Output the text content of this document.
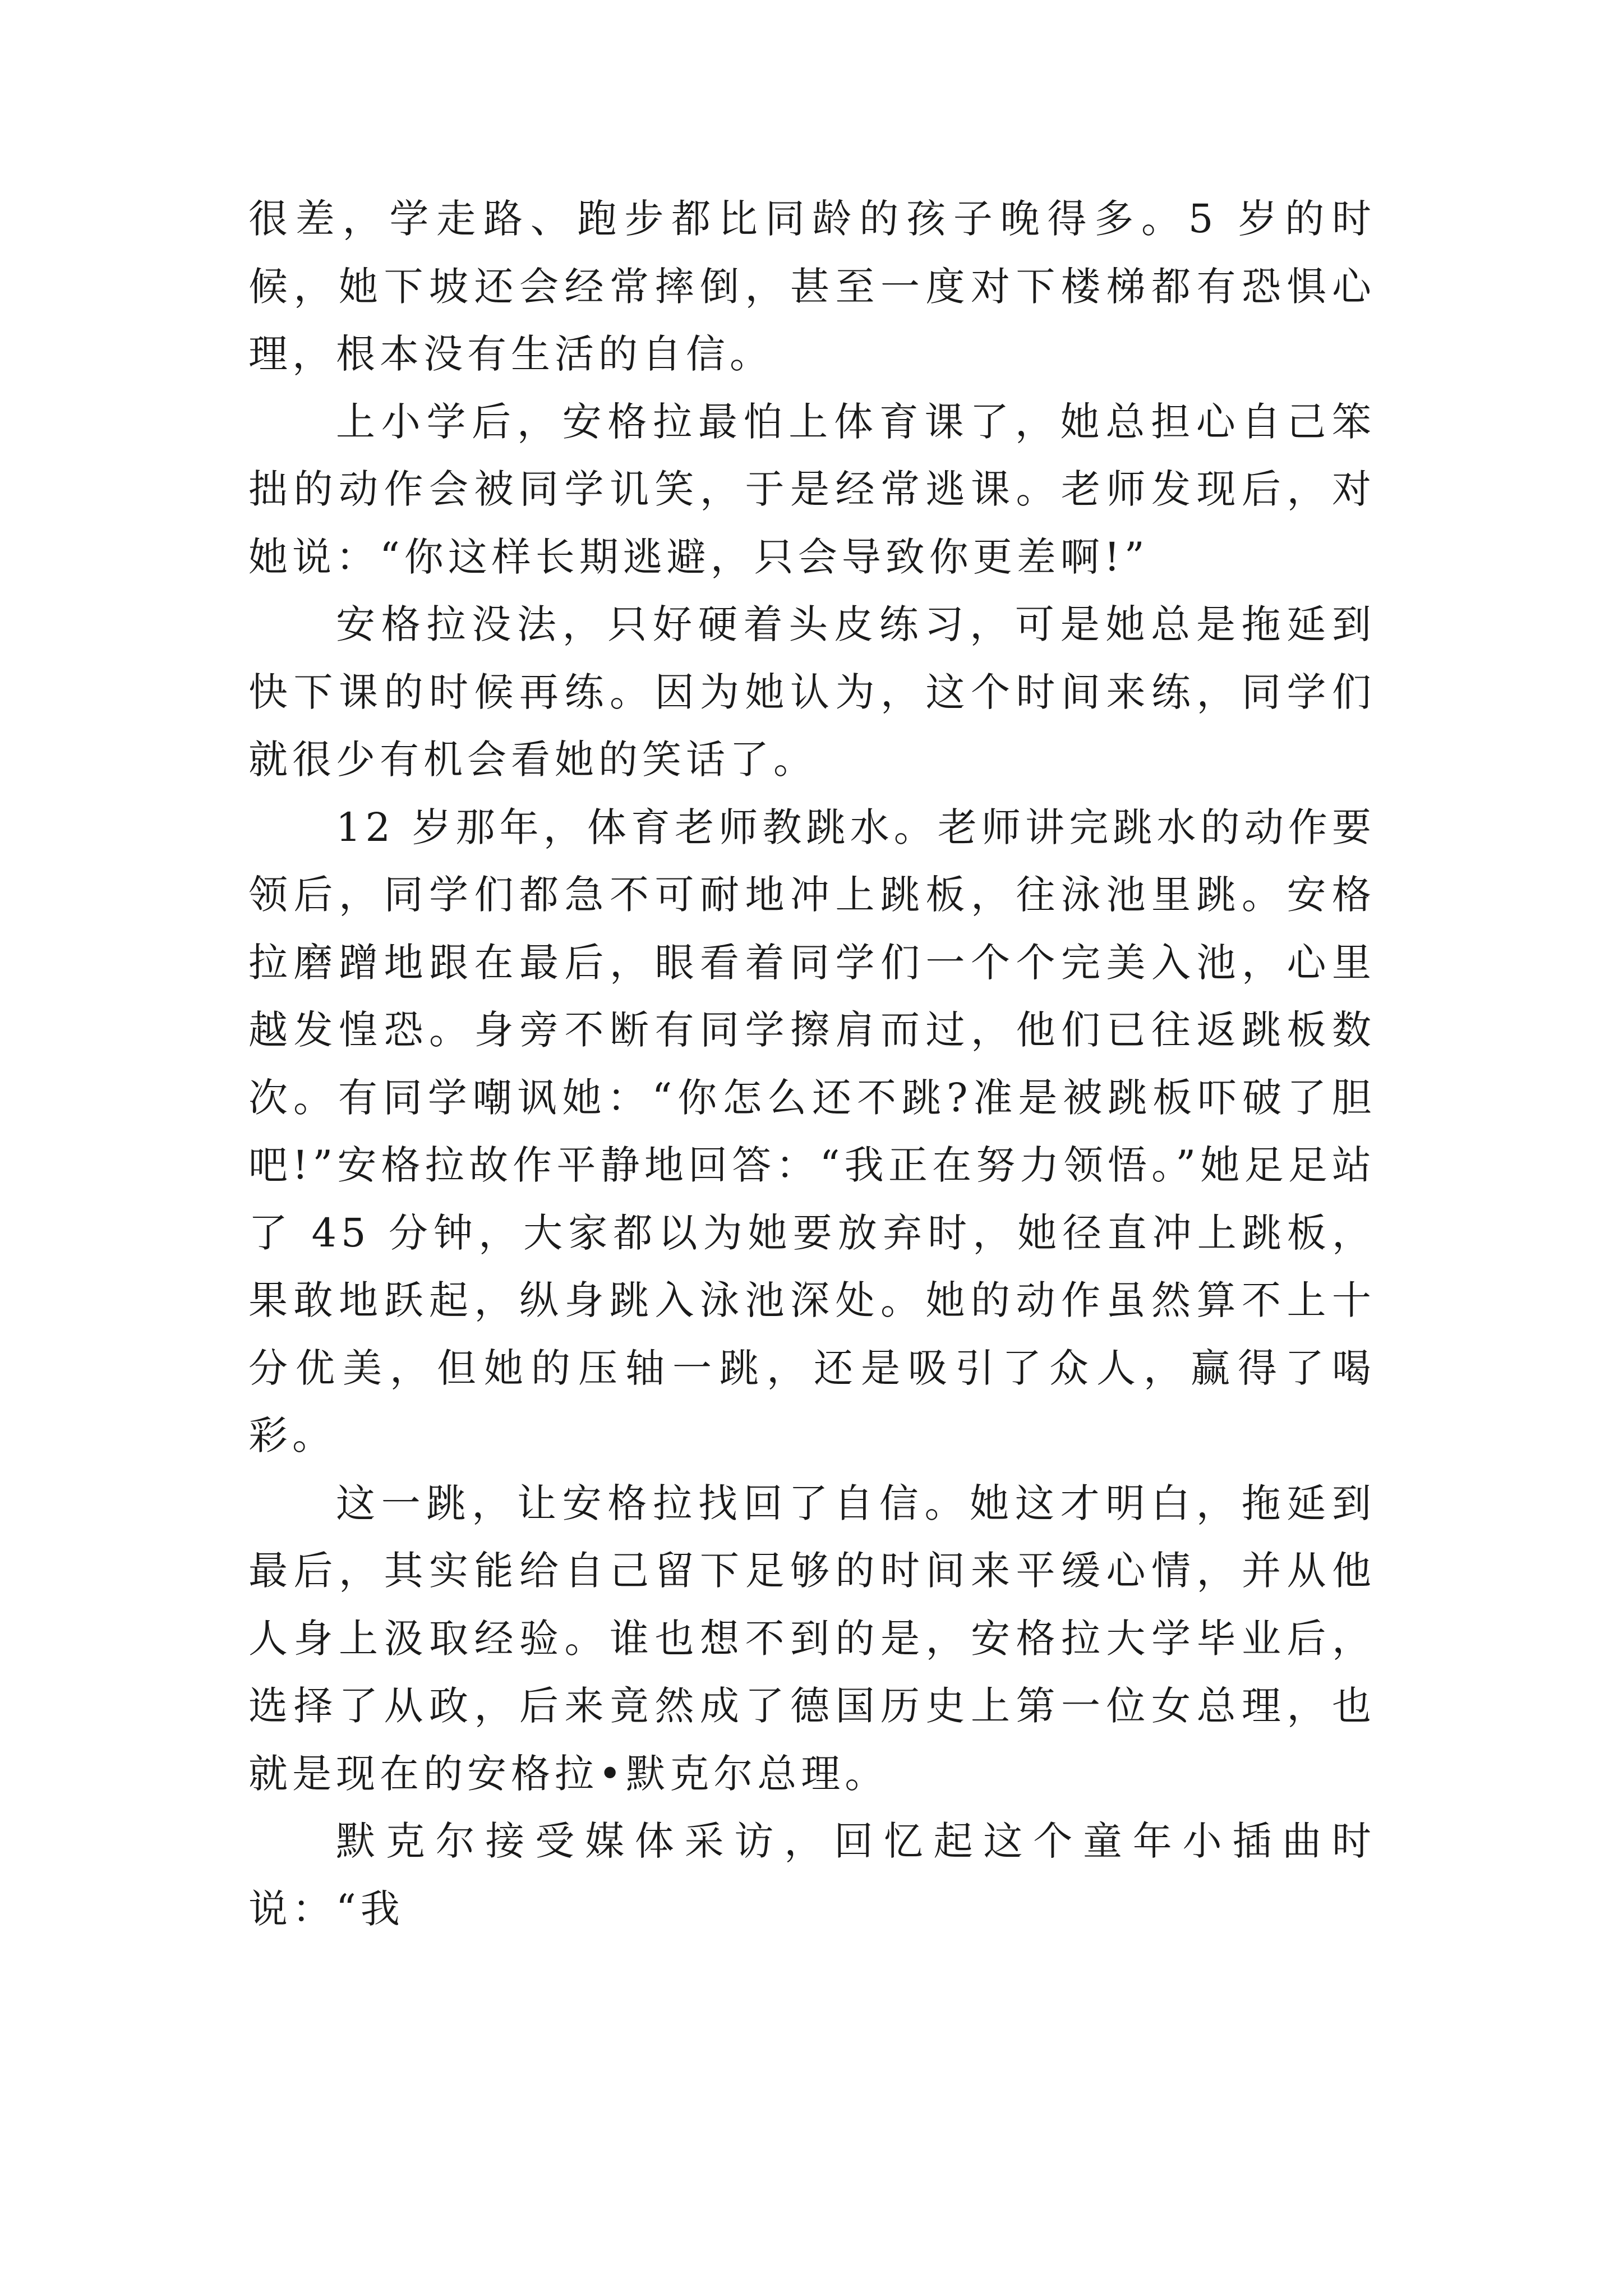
很差，学走路、跑步都比同龄的孩子晚得多。5 岁的时候，她下坡还会经常摔倒，甚至一度对下楼梯都有恐惧心理，根本没有生活的自信。

上小学后，安格拉最怕上体育课了，她总担心自己笨拙的动作会被同学讥笑，于是经常逃课。老师发现后，对她说：“你这样长期逃避，只会导致你更差啊!”

安格拉没法，只好硬着头皮练习，可是她总是拖延到快下课的时候再练。因为她认为，这个时间来练，同学们就很少有机会看她的笑话了。

12 岁那年，体育老师教跳水。老师讲完跳水的动作要领后，同学们都急不可耐地冲上跳板，往泳池里跳。安格拉磨蹭地跟在最后，眼看着同学们一个个完美入池，心里越发惶恐。身旁不断有同学擦肩而过，他们已往返跳板数次。有同学嘲讽她：“你怎么还不跳?准是被跳板吓破了胆吧!”安格拉故作平静地回答：“我正在努力领悟。”她足足站了 45 分钟，大家都以为她要放弃时，她径直冲上跳板，果敢地跃起，纵身跳入泳池深处。她的动作虽然算不上十分优美，但她的压轴一跳，还是吸引了众人，赢得了喝彩。

这一跳，让安格拉找回了自信。她这才明白，拖延到最后，其实能给自己留下足够的时间来平缓心情，并从他人身上汲取经验。谁也想不到的是，安格拉大学毕业后，选择了从政，后来竟然成了德国历史上第一位女总理，也就是现在的安格拉•默克尔总理。

默克尔接受媒体采访，回忆起这个童年小插曲时说：“我
